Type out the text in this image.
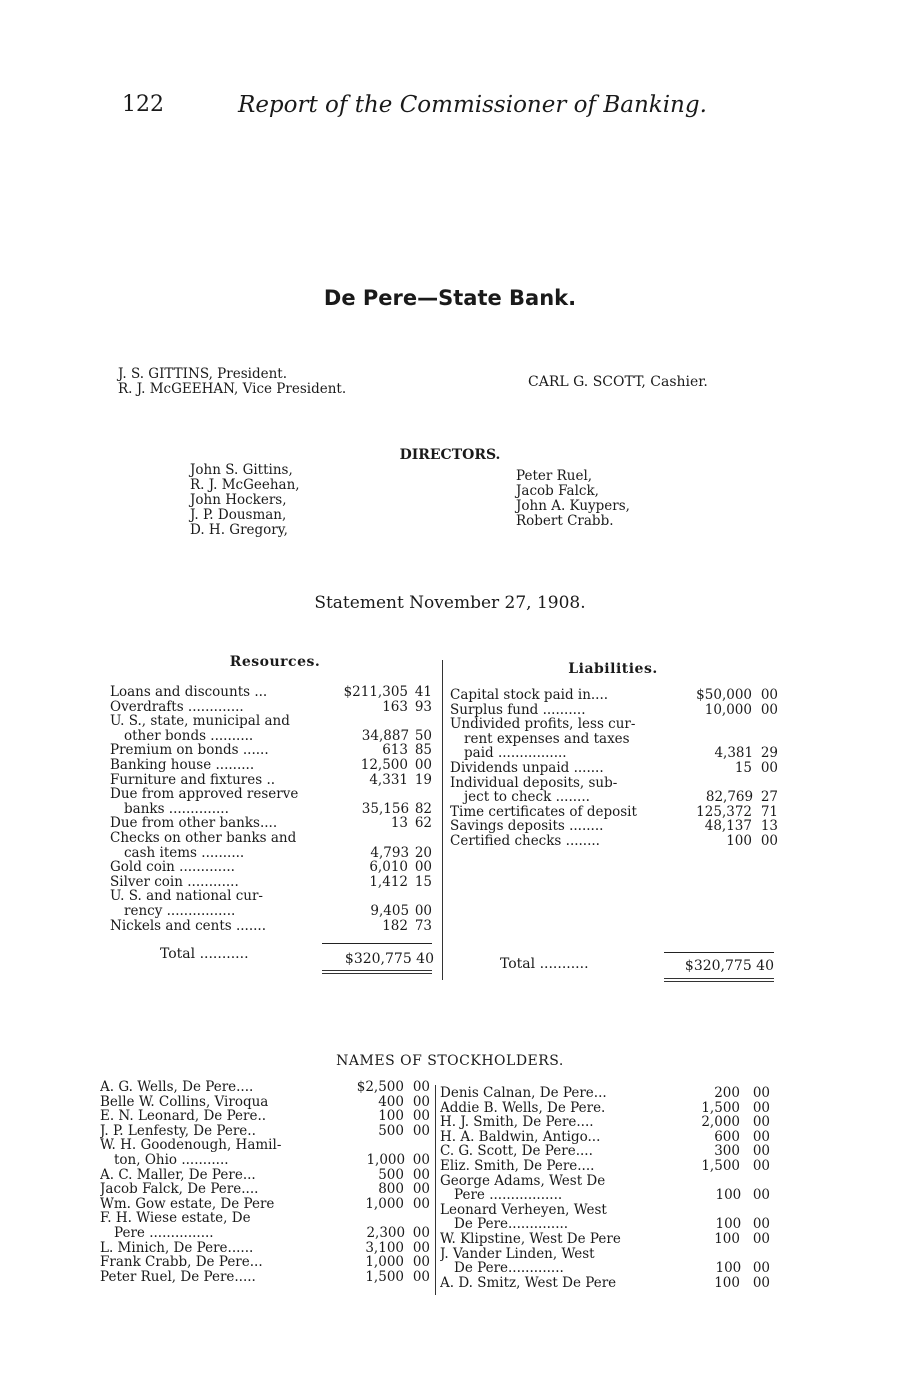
122	Report of the Commissioner of Banking.
De Pere—State Bank.
J. S. GITTINS, President.
R. J. McGEEHAN, Vice President.	CARL G. SCOTT, Cashier.
DIRECTORS.
John S. Gittins,
R. J. McGeehan,
John Hockers,
J. P. Dousman,
D. H. Gregory,
Peter Ruel,
Jacob Falck,
John A. Kuypers,
Robert Crabb.
Statement November 27, 1908.
Resources.	Liabilities.
Loans and discounts ...	$211,305 41
Overdrafts .............	163 93
U. S., state, municipal and
other bonds ..........	34,887 50
Premium on bonds ......	613 85
Banking house .........	12,500 00
Furniture and fixtures ..	4,331 19
Due from approved reserve
banks ..............	35,156 82
Due from other banks....	13 62
Checks on other banks and
cash items ..........	4,793 20
Gold coin .............	6,010 00
Silver coin ............	1,412 15
U. S. and national cur-
rency ................	9,405 00
Nickels and cents .......	182 73
Capital stock paid in....	$50,000 00
Surplus fund ..........	10,000 00
Undivided profits, less cur-
rent expenses and taxes
paid ................	4,381 29
Dividends unpaid .......	15 00
Individual deposits, sub-
ject to check ........	82,769 27
Time certificates of deposit	125,372 71
Savings deposits ........	48,137 13
Certified checks ........	100 00
Total ...........	$320,775 40	Total ...........	$320,775 40
NAMES OF STOCKHOLDERS.
A. G. Wells, De Pere....	$2,500 00
Belle W. Collins, Viroqua	400 00
E. N. Leonard, De Pere..	100 00
J. P. Lenfesty, De Pere..	500 00
W. H. Goodenough, Hamil-
ton, Ohio ...........	1,000 00
A. C. Maller, De Pere...	500 00
Jacob Falck, De Pere....	800 00
Wm. Gow estate, De Pere	1,000 00
F. H. Wiese estate, De
Pere ...............	2,300 00
L. Minich, De Pere......	3,100 00
Frank Crabb, De Pere...	1,000 00
Peter Ruel, De Pere.....	1,500 00
Denis Calnan, De Pere...	200 00
Addie B. Wells, De Pere.	1,500 00
H. J. Smith, De Pere....	2,000 00
H. A. Baldwin, Antigo...	600 00
C. G. Scott, De Pere....	300 00
Eliz. Smith, De Pere....	1,500 00
George Adams, West De
Pere .................	100 00
Leonard Verheyen, West
De Pere..............	100 00
W. Klipstine, West De Pere	100 00
J. Vander Linden, West
De Pere.............	100 00
A. D. Smitz, West De Pere	100 00
